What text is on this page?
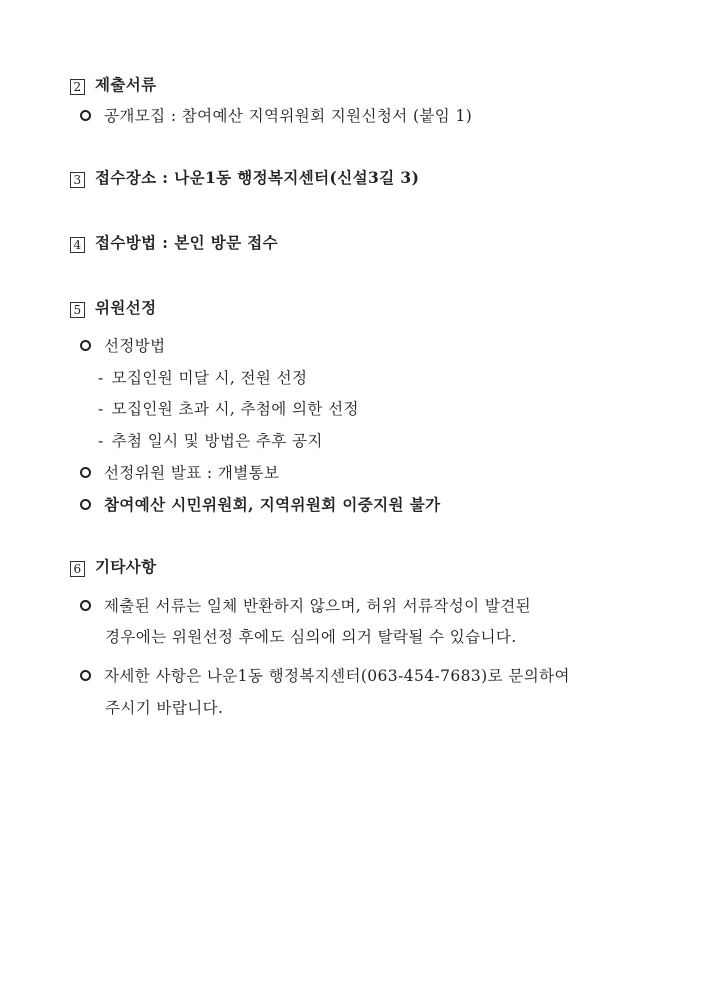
2 제출서류
공개모집 : 참여예산 지역위원회 지원신청서 (붙임 1)
3 접수장소 : 나운1동 행정복지센터(신설3길 3)
4 접수방법 : 본인 방문 접수
5 위원선정
선정방법
- 모집인원 미달 시, 전원 선정
- 모집인원 초과 시, 추첨에 의한 선정
- 추첨 일시 및 방법은 추후 공지
선정위원 발표 : 개별통보
참여예산 시민위원회, 지역위원회 이중지원 불가
6 기타사항
제출된 서류는 일체 반환하지 않으며, 허위 서류작성이 발견된
경우에는 위원선정 후에도 심의에 의거 탈락될 수 있습니다.
자세한 사항은 나운1동 행정복지센터(063-454-7683)로 문의하여
주시기 바랍니다.
